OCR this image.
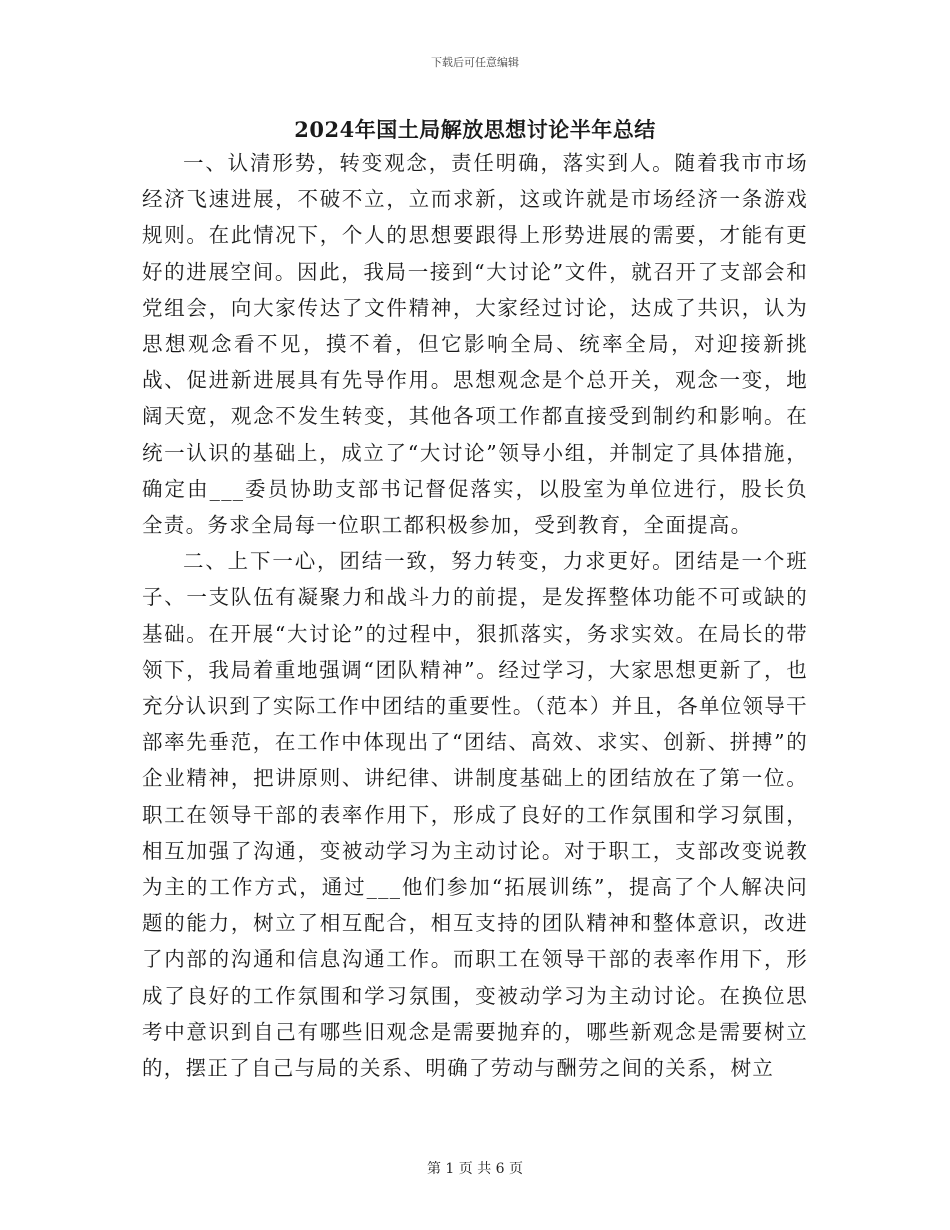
下载后可任意编辑
2024年国土局解放思想讨论半年总结

一、认清形势，转变观念，责任明确，落实到人。随着我市市场经济飞速进展，不破不立，立而求新，这或许就是市场经济一条游戏规则。在此情况下，个人的思想要跟得上形势进展的需要，才能有更好的进展空间。因此，我局一接到“大讨论”文件，就召开了支部会和党组会，向大家传达了文件精神，大家经过讨论，达成了共识，认为思想观念看不见，摸不着，但它影响全局、统率全局，对迎接新挑战、促进新进展具有先导作用。思想观念是个总开关，观念一变，地阔天宽，观念不发生转变，其他各项工作都直接受到制约和影响。在统一认识的基础上，成立了“大讨论”领导小组，并制定了具体措施，确定由___委员协助支部书记督促落实，以股室为单位进行，股长负全责。务求全局每一位职工都积极参加，受到教育，全面提高。

二、上下一心，团结一致，努力转变，力求更好。团结是一个班子、一支队伍有凝聚力和战斗力的前提，是发挥整体功能不可或缺的基础。在开展“大讨论”的过程中，狠抓落实，务求实效。在局长的带领下，我局着重地强调“团队精神”。经过学习，大家思想更新了，也充分认识到了实际工作中团结的重要性。（范本）并且，各单位领导干部率先垂范，在工作中体现出了“团结、高效、求实、创新、拼搏”的企业精神，把讲原则、讲纪律、讲制度基础上的团结放在了第一位。职工在领导干部的表率作用下，形成了良好的工作氛围和学习氛围，相互加强了沟通，变被动学习为主动讨论。对于职工，支部改变说教为主的工作方式，通过___他们参加“拓展训练”，提高了个人解决问题的能力，树立了相互配合，相互支持的团队精神和整体意识，改进了内部的沟通和信息沟通工作。而职工在领导干部的表率作用下，形成了良好的工作氛围和学习氛围，变被动学习为主动讨论。在换位思考中意识到自己有哪些旧观念是需要抛弃的，哪些新观念是需要树立的，摆正了自己与局的关系、明确了劳动与酬劳之间的关系，树立

第 1 页 共 6 页
